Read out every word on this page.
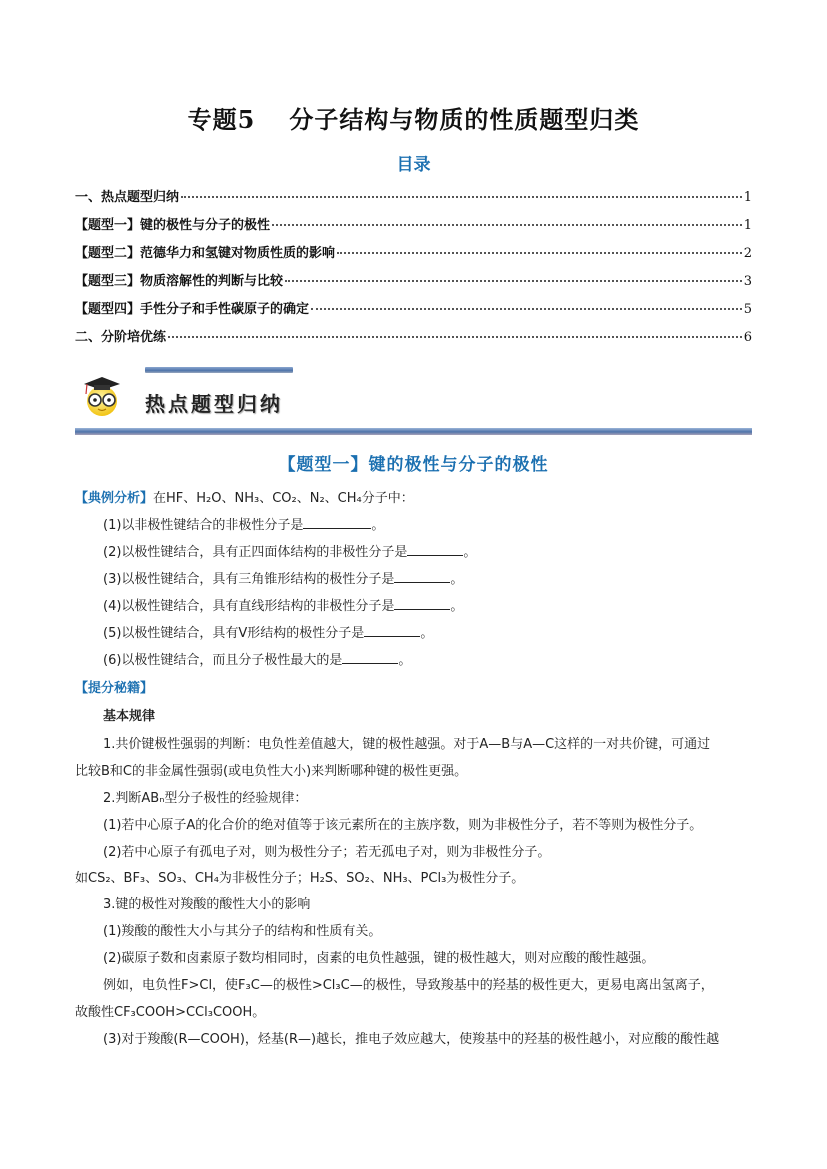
专题5 分子结构与物质的性质题型归类
目录
一、热点题型归纳	1
【题型一】键的极性与分子的极性	1
【题型二】范德华力和氢键对物质性质的影响	2
【题型三】物质溶解性的判断与比较	3
【题型四】手性分子和手性碳原子的确定	5
二、分阶培优练	6
热点题型归纳
【题型一】键的极性与分子的极性
【典例分析】在HF、H₂O、NH₃、CO₂、N₂、CH₄分子中：
(1)以非极性键结合的非极性分子是	。
(2)以极性键结合，具有正四面体结构的非极性分子是	。
(3)以极性键结合，具有三角锥形结构的极性分子是	。
(4)以极性键结合，具有直线形结构的非极性分子是	。
(5)以极性键结合，具有V形结构的极性分子是	。
(6)以极性键结合，而且分子极性最大的是	。
【提分秘籍】
基本规律
1.共价键极性强弱的判断：电负性差值越大，键的极性越强。对于A—B与A—C这样的一对共价键，可通过
比较B和C的非金属性强弱(或电负性大小)来判断哪种键的极性更强。
2.判断ABₙ型分子极性的经验规律：
(1)若中心原子A的化合价的绝对值等于该元素所在的主族序数，则为非极性分子，若不等则为极性分子。
(2)若中心原子有孤电子对，则为极性分子；若无孤电子对，则为非极性分子。
如CS₂、BF₃、SO₃、CH₄为非极性分子；H₂S、SO₂、NH₃、PCl₃为极性分子。
3.键的极性对羧酸的酸性大小的影响
(1)羧酸的酸性大小与其分子的结构和性质有关。
(2)碳原子数和卤素原子数均相同时，卤素的电负性越强，键的极性越大，则对应酸的酸性越强。
例如，电负性F>Cl，使F₃C—的极性>Cl₃C—的极性，导致羧基中的羟基的极性更大，更易电离出氢离子，
故酸性CF₃COOH>CCl₃COOH。
(3)对于羧酸(R—COOH)，烃基(R—)越长，推电子效应越大，使羧基中的羟基的极性越小，对应酸的酸性越
